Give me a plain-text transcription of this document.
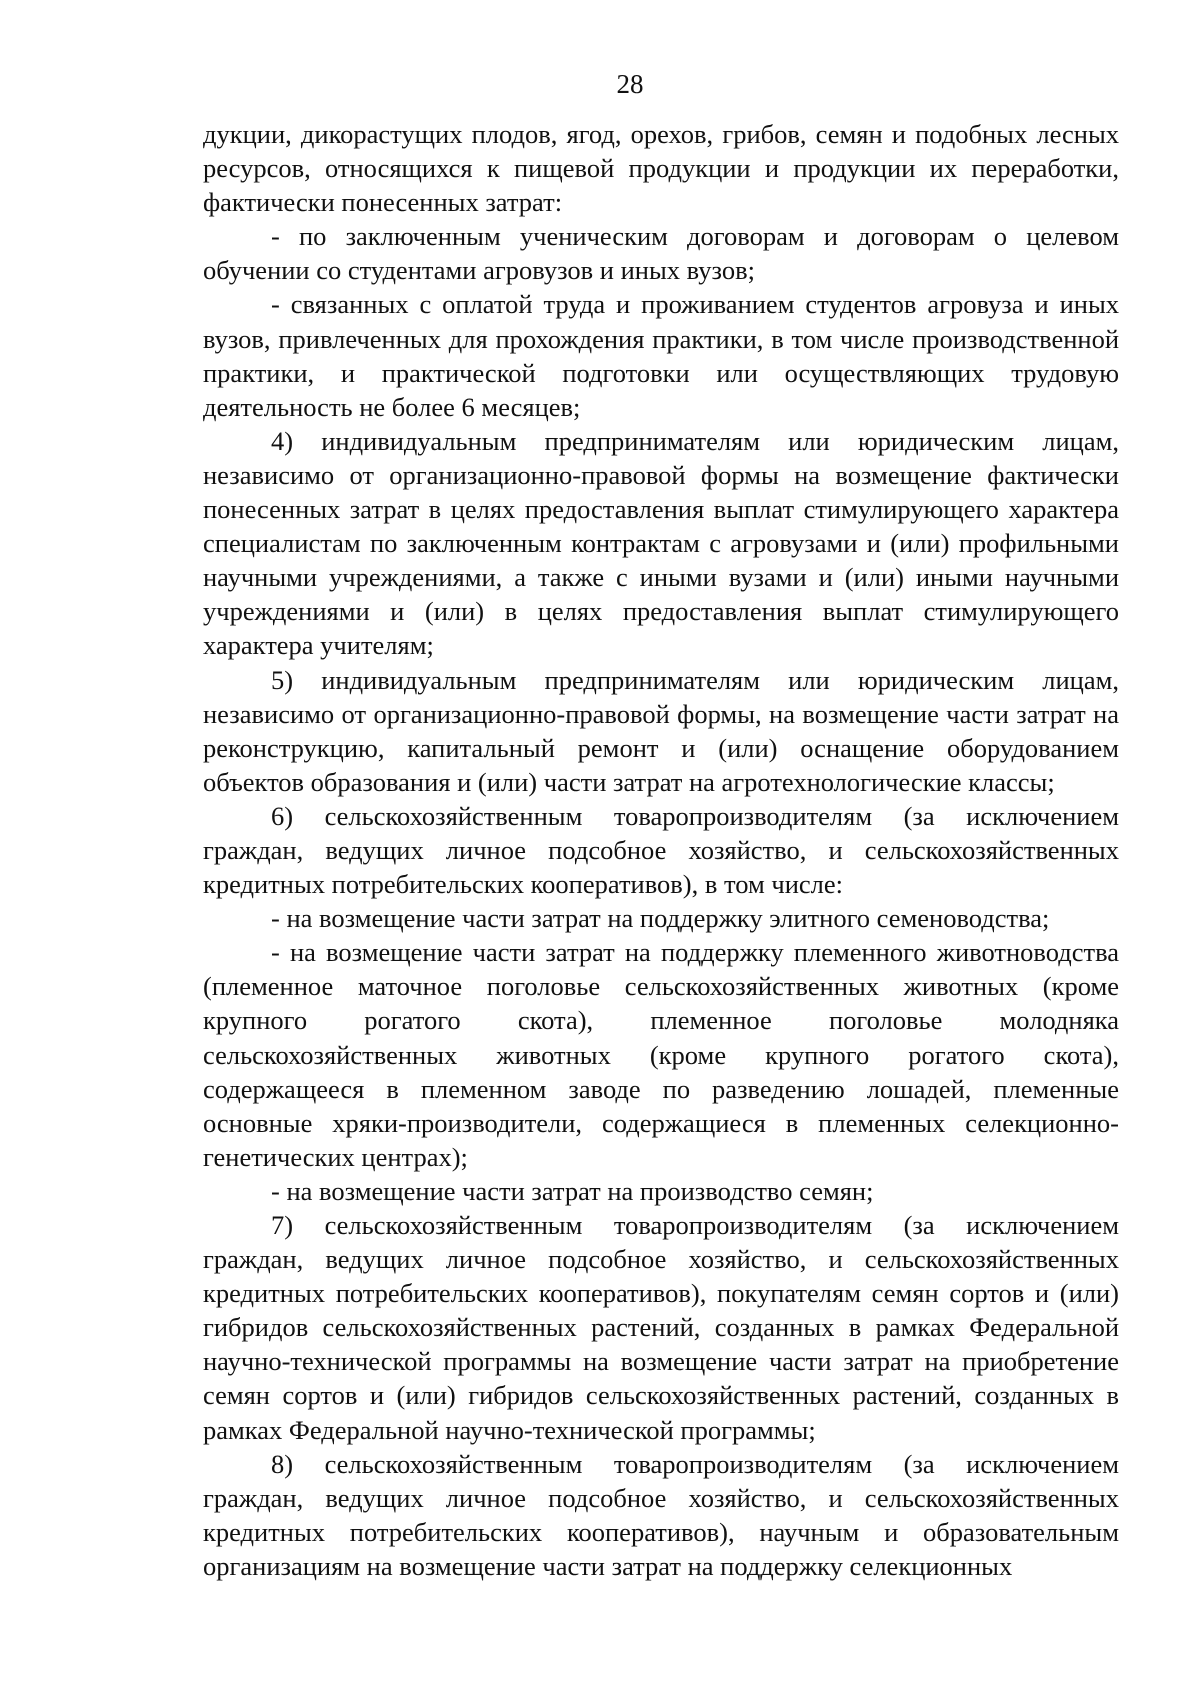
28

дукции, дикорастущих плодов, ягод, орехов, грибов, семян и подобных лесных ресурсов, относящихся к пищевой продукции и продукции их переработки, фактически понесенных затрат:

- по заключенным ученическим договорам и договорам о целевом обучении со студентами агровузов и иных вузов;

- связанных с оплатой труда и проживанием студентов агровуза и иных вузов, привлеченных для прохождения практики, в том числе производственной практики, и практической подготовки или осуществляющих трудовую деятельность не более 6 месяцев;

4) индивидуальным предпринимателям или юридическим лицам, независимо от организационно-правовой формы на возмещение фактически понесенных затрат в целях предоставления выплат стимулирующего характера специалистам по заключенным контрактам с агровузами и (или) профильными научными учреждениями, а также с иными вузами и (или) иными научными учреждениями и (или) в целях предоставления выплат стимулирующего характера учителям;

5) индивидуальным предпринимателям или юридическим лицам, независимо от организационно-правовой формы, на возмещение части затрат на реконструкцию, капитальный ремонт и (или) оснащение оборудованием объектов образования и (или) части затрат на агротехнологические классы;

6) сельскохозяйственным товаропроизводителям (за исключением граждан, ведущих личное подсобное хозяйство, и сельскохозяйственных кредитных потребительских кооперативов), в том числе:

- на возмещение части затрат на поддержку элитного семеноводства;

- на возмещение части затрат на поддержку племенного животноводства (племенное маточное поголовье сельскохозяйственных животных (кроме крупного рогатого скота), племенное поголовье молодняка сельскохозяйственных животных (кроме крупного рогатого скота), содержащееся в племенном заводе по разведению лошадей, племенные основные хряки-производители, содержащиеся в племенных селекционно-генетических центрах);

- на возмещение части затрат на производство семян;

7) сельскохозяйственным товаропроизводителям (за исключением граждан, ведущих личное подсобное хозяйство, и сельскохозяйственных кредитных потребительских кооперативов), покупателям семян сортов и (или) гибридов сельскохозяйственных растений, созданных в рамках Федеральной научно-технической программы на возмещение части затрат на приобретение семян сортов и (или) гибридов сельскохозяйственных растений, созданных в рамках Федеральной научно-технической программы;

8) сельскохозяйственным товаропроизводителям (за исключением граждан, ведущих личное подсобное хозяйство, и сельскохозяйственных кредитных потребительских кооперативов), научным и образовательным организациям на возмещение части затрат на поддержку селекционных
